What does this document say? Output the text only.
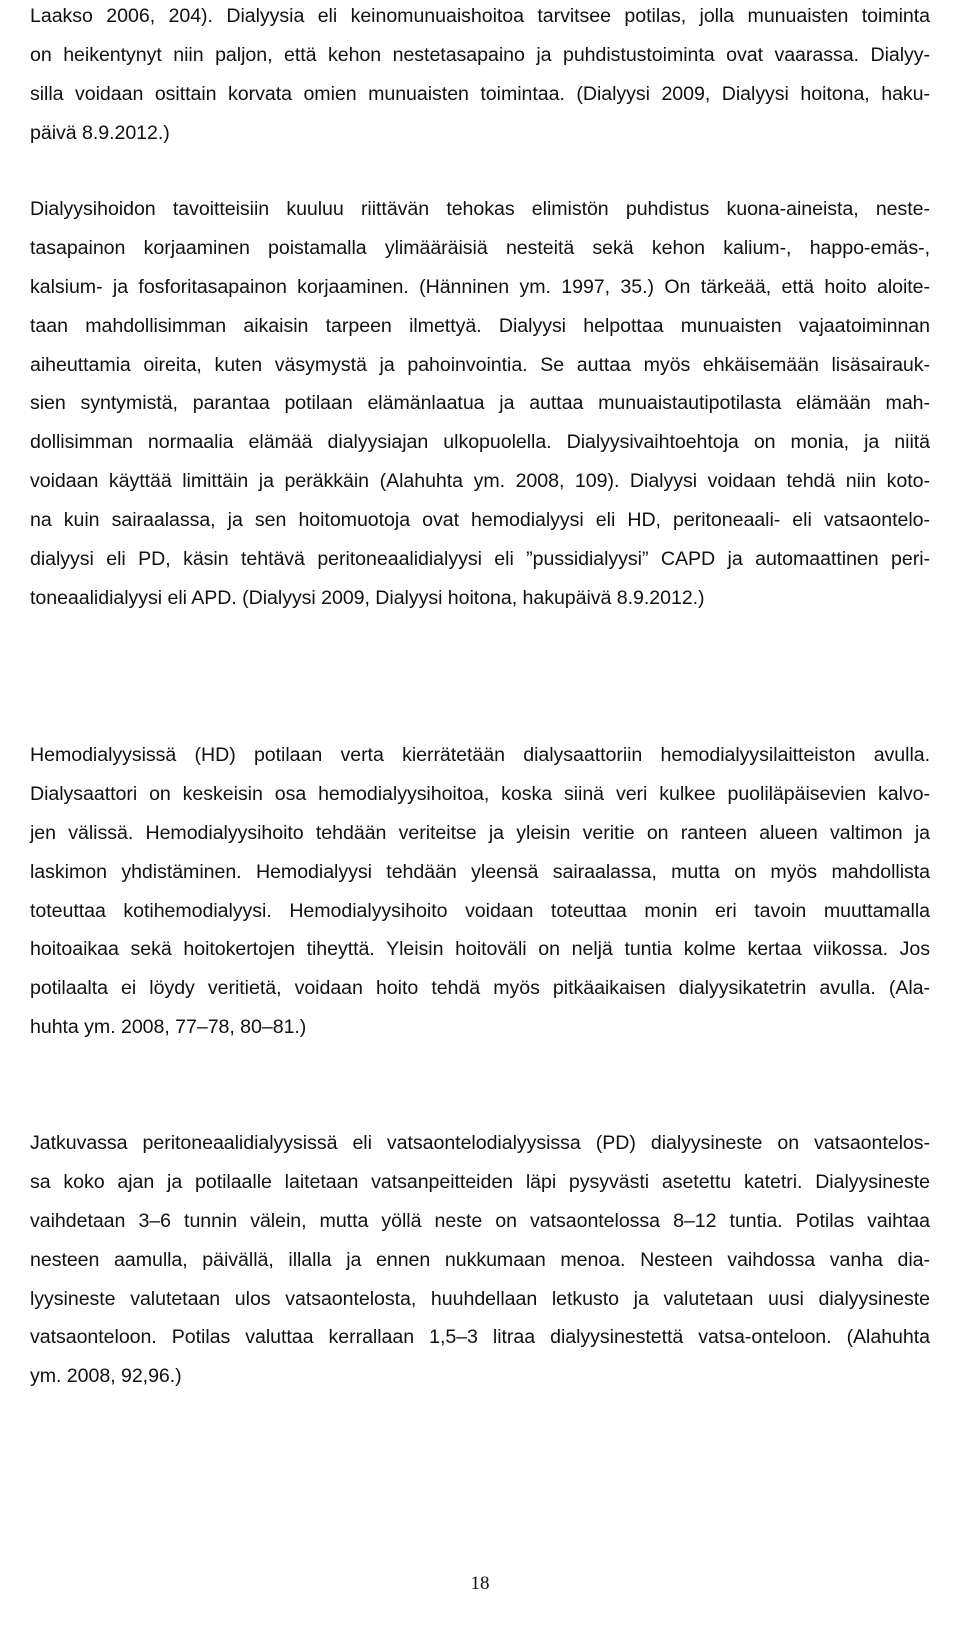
Laakso 2006, 204). Dialyysia eli keinomunuaishoitoa tarvitsee potilas, jolla munuaisten toiminta
on heikentynyt niin paljon, että kehon nestetasapaino ja puhdistustoiminta ovat vaarassa. Dialyy-
silla voidaan osittain korvata omien munuaisten toimintaa. (Dialyysi 2009, Dialyysi hoitona, haku-
päivä 8.9.2012.)
Dialyysihoidon tavoitteisiin kuuluu riittävän tehokas elimistön puhdistus kuona-aineista, neste-
tasapainon korjaaminen poistamalla ylimääräisiä nesteitä sekä kehon kalium-, happo-emäs-,
kalsium- ja fosforitasapainon korjaaminen. (Hänninen ym. 1997, 35.) On tärkeää, että hoito aloite-
taan mahdollisimman aikaisin tarpeen ilmettyä. Dialyysi helpottaa munuaisten vajaatoiminnan
aiheuttamia oireita, kuten väsymystä ja pahoinvointia. Se auttaa myös ehkäisemään lisäsairauk-
sien syntymistä, parantaa potilaan elämänlaatua ja auttaa munuaistautipotilasta elämään mah-
dollisimman normaalia elämää dialyysiajan ulkopuolella. Dialyysivaihtoehtoja on monia, ja niitä
voidaan käyttää limittäin ja peräkkäin (Alahuhta ym. 2008, 109). Dialyysi voidaan tehdä niin koto-
na kuin sairaalassa, ja sen hoitomuotoja ovat hemodialyysi eli HD, peritoneaali- eli vatsaontelo-
dialyysi eli PD, käsin tehtävä peritoneaalidialyysi eli ”pussidialyysi” CAPD ja automaattinen peri-
toneaalidialyysi eli APD. (Dialyysi 2009, Dialyysi hoitona, hakupäivä 8.9.2012.)
Hemodialyysissä (HD) potilaan verta kierrätetään dialysaattoriin hemodialyysilaitteiston avulla.
Dialysaattori on keskeisin osa hemodialyysihoitoa, koska siinä veri kulkee puoliläpäisevien kalvo-
jen välissä. Hemodialyysihoito tehdään veriteitse ja yleisin veritie on ranteen alueen valtimon ja
laskimon yhdistäminen. Hemodialyysi tehdään yleensä sairaalassa, mutta on myös mahdollista
toteuttaa kotihemodialyysi. Hemodialyysihoito voidaan toteuttaa monin eri tavoin muuttamalla
hoitoaikaa sekä hoitokertojen tiheyttä. Yleisin hoitoväli on neljä tuntia kolme kertaa viikossa. Jos
potilaalta ei löydy veritietä, voidaan hoito tehdä myös pitkäaikaisen dialyysikatetrin avulla. (Ala-
huhta ym. 2008, 77–78, 80–81.)
Jatkuvassa peritoneaalidialyysissä eli vatsaontelodialyysissa (PD) dialyysineste on vatsaontelos-
sa koko ajan ja potilaalle laitetaan vatsanpeitteiden läpi pysyvästi asetettu katetri. Dialyysineste
vaihdetaan 3–6 tunnin välein, mutta yöllä neste on vatsaontelossa 8–12 tuntia. Potilas vaihtaa
nesteen aamulla, päivällä, illalla ja ennen nukkumaan menoa. Nesteen vaihdossa vanha dia-
lyysineste valutetaan ulos vatsaontelosta, huuhdellaan letkusto ja valutetaan uusi dialyysineste
vatsaonteloon. Potilas valuttaa kerrallaan 1,5–3 litraa dialyysinestettä vatsa-onteloon. (Alahuhta
ym. 2008, 92,96.)
18
